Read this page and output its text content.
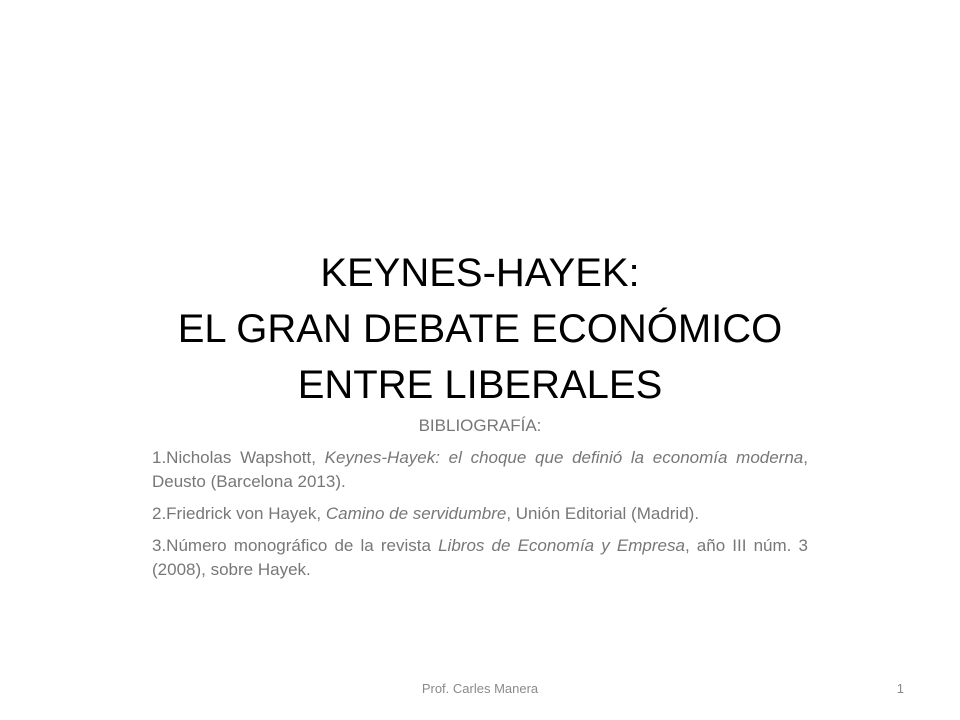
KEYNES-HAYEK:
EL GRAN DEBATE ECONÓMICO
ENTRE LIBERALES

BIBLIOGRAFÍA:

1.Nicholas Wapshott, Keynes-Hayek: el choque que definió la economía moderna, Deusto (Barcelona 2013).

2.Friedrick von Hayek, Camino de servidumbre, Unión Editorial (Madrid).

3.Número monográfico de la revista Libros de Economía y Empresa, año III núm. 3 (2008), sobre Hayek.

Prof. Carles Manera	1
